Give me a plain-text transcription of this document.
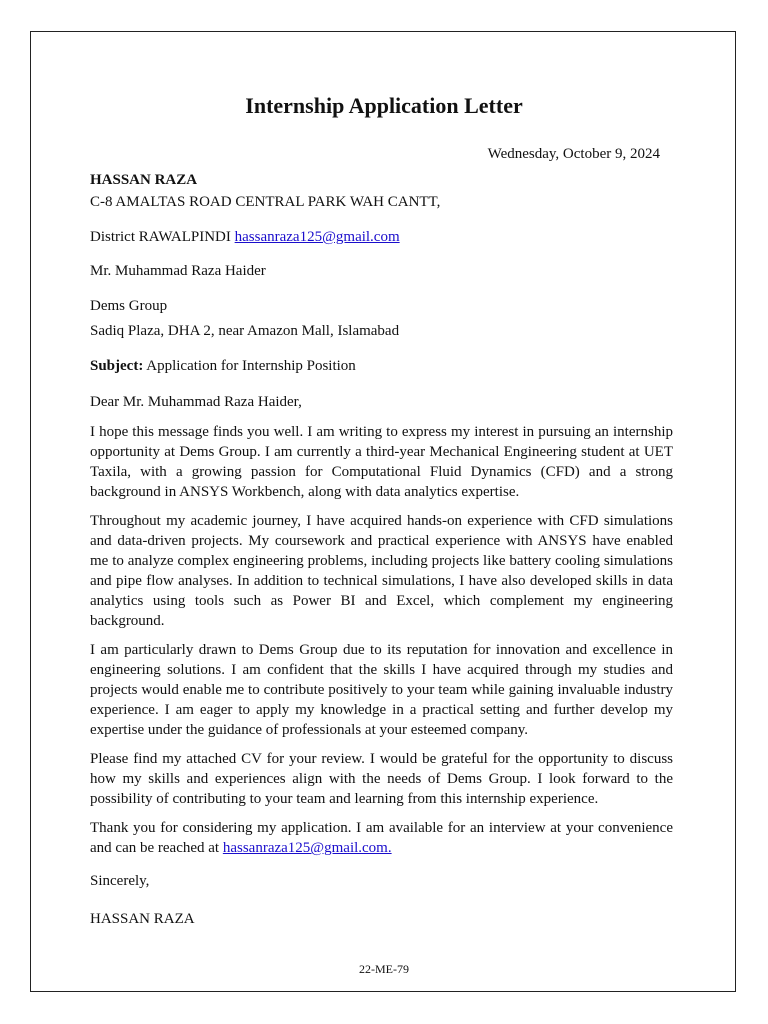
Internship Application Letter
Wednesday, October 9, 2024
HASSAN RAZA
C-8 AMALTAS ROAD CENTRAL PARK WAH CANTT,
District RAWALPINDI hassanraza125@gmail.com
Mr. Muhammad Raza Haider
Dems Group
Sadiq Plaza, DHA 2, near Amazon Mall, Islamabad
Subject: Application for Internship Position
Dear Mr. Muhammad Raza Haider,
I hope this message finds you well. I am writing to express my interest in pursuing an internship opportunity at Dems Group. I am currently a third-year Mechanical Engineering student at UET Taxila, with a growing passion for Computational Fluid Dynamics (CFD) and a strong background in ANSYS Workbench, along with data analytics expertise.
Throughout my academic journey, I have acquired hands-on experience with CFD simulations and data-driven projects. My coursework and practical experience with ANSYS have enabled me to analyze complex engineering problems, including projects like battery cooling simulations and pipe flow analyses. In addition to technical simulations, I have also developed skills in data analytics using tools such as Power BI and Excel, which complement my engineering background.
I am particularly drawn to Dems Group due to its reputation for innovation and excellence in engineering solutions. I am confident that the skills I have acquired through my studies and projects would enable me to contribute positively to your team while gaining invaluable industry experience. I am eager to apply my knowledge in a practical setting and further develop my expertise under the guidance of professionals at your esteemed company.
Please find my attached CV for your review. I would be grateful for the opportunity to discuss how my skills and experiences align with the needs of Dems Group. I look forward to the possibility of contributing to your team and learning from this internship experience.
Thank you for considering my application. I am available for an interview at your convenience and can be reached at hassanraza125@gmail.com.
Sincerely,
HASSAN RAZA
22-ME-79
